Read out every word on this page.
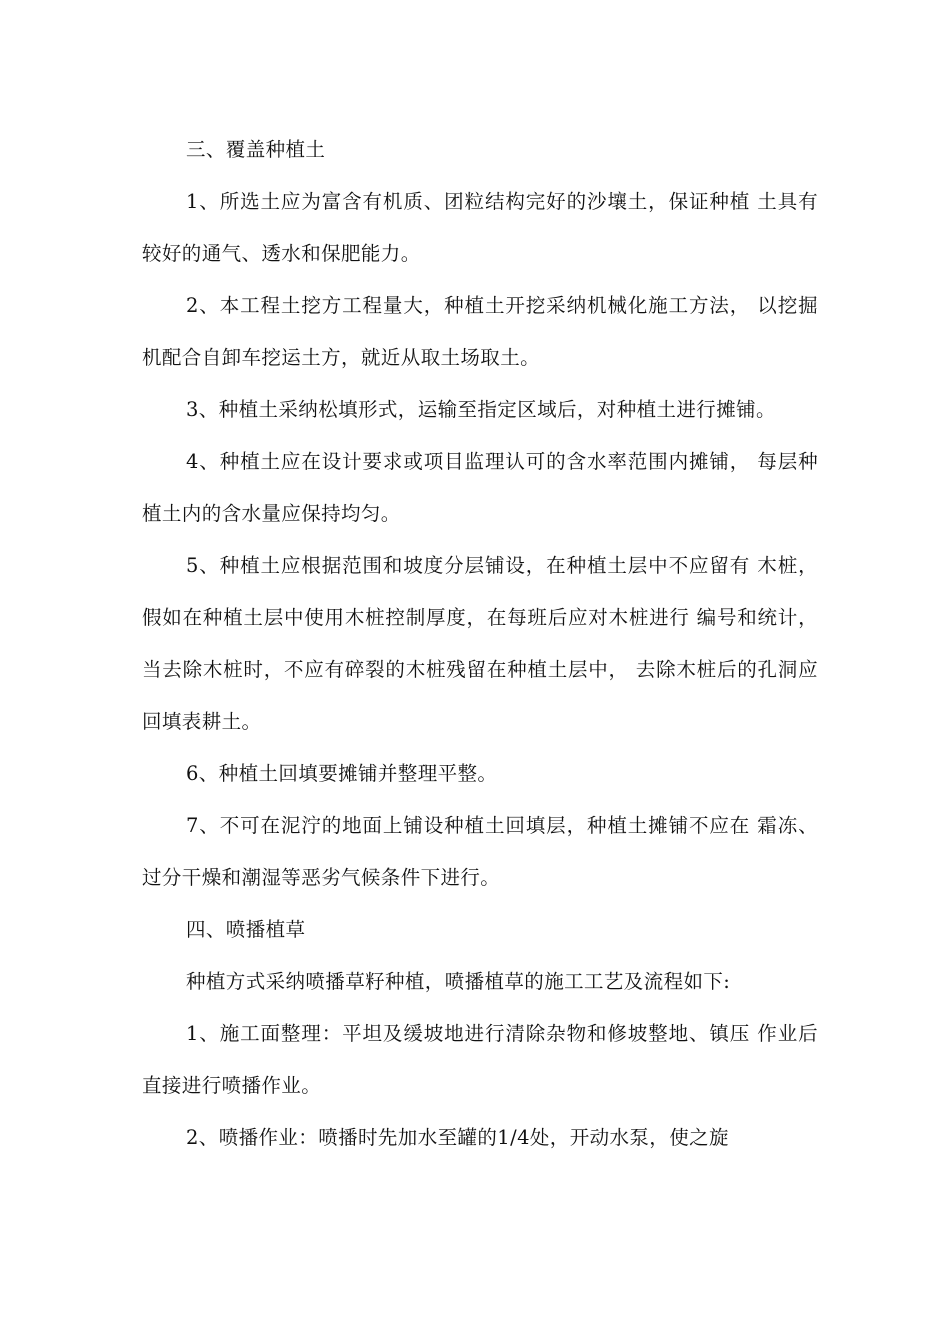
三、覆盖种植土

1、所选土应为富含有机质、团粒结构完好的沙壤土，保证种植 土具有较好的通气、透水和保肥能力。

2、本工程土挖方工程量大，种植土开挖采纳机械化施工方法， 以挖掘机配合自卸车挖运土方，就近从取土场取土。

3、种植土采纳松填形式，运输至指定区域后，对种植土进行摊铺。

4、种植土应在设计要求或项目监理认可的含水率范围内摊铺， 每层种植土内的含水量应保持均匀。

5、种植土应根据范围和坡度分层铺设，在种植土层中不应留有 木桩，假如在种植土层中使用木桩控制厚度，在每班后应对木桩进行 编号和统计，当去除木桩时，不应有碎裂的木桩残留在种植土层中， 去除木桩后的孔洞应回填表耕土。

6、种植土回填要摊铺并整理平整。

7、不可在泥泞的地面上铺设种植土回填层，种植土摊铺不应在 霜冻、过分干燥和潮湿等恶劣气候条件下进行。

四、喷播植草

种植方式采纳喷播草籽种植，喷播植草的施工工艺及流程如下:

1、施工面整理：平坦及缓坡地进行清除杂物和修坡整地、镇压 作业后直接进行喷播作业。

2、喷播作业：喷播时先加水至罐的1/4处，开动水泵，使之旋
